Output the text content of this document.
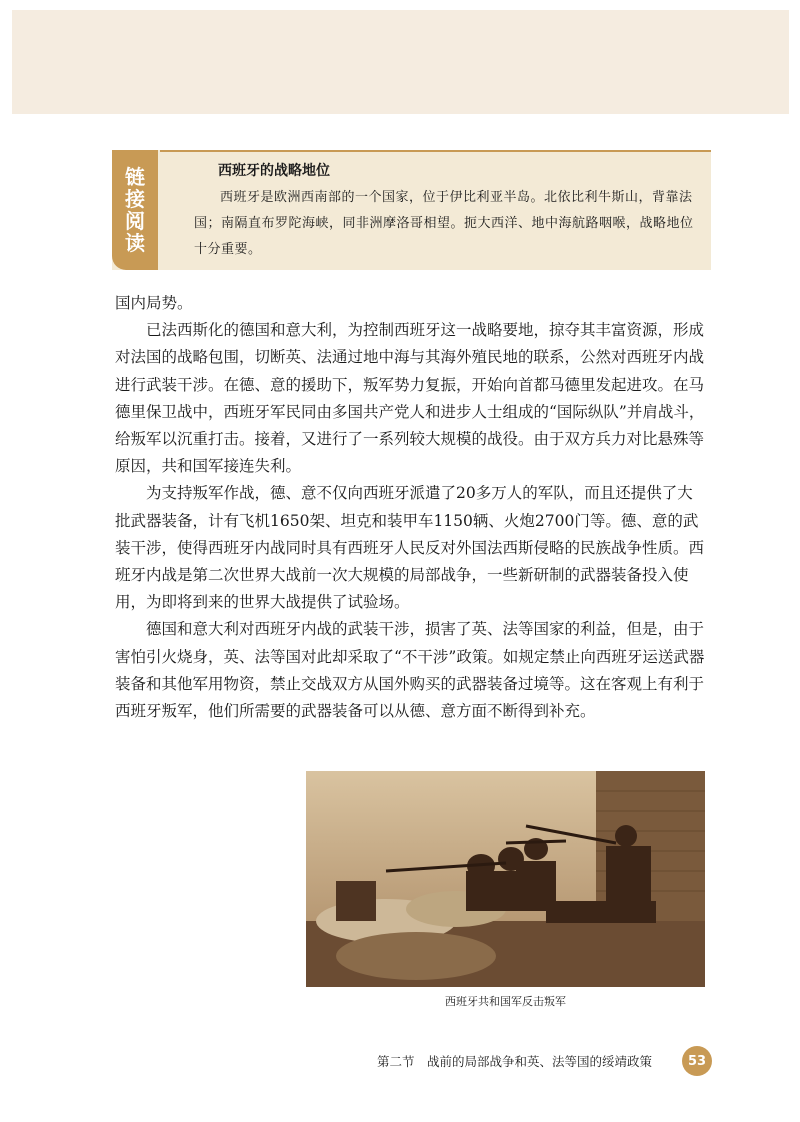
链
接
阅
读
西班牙的战略地位
西班牙是欧洲西南部的一个国家，位于伊比利亚半岛。北依比利牛斯山，背靠法国；南隔直布罗陀海峡，同非洲摩洛哥相望。扼大西洋、地中海航路咽喉，战略地位十分重要。

国内局势。

已法西斯化的德国和意大利，为控制西班牙这一战略要地，掠夺其丰富资源，形成对法国的战略包围，切断英、法通过地中海与其海外殖民地的联系，公然对西班牙内战进行武装干涉。在德、意的援助下，叛军势力复振，开始向首都马德里发起进攻。在马德里保卫战中，西班牙军民同由多国共产党人和进步人士组成的“国际纵队”并肩战斗，给叛军以沉重打击。接着，又进行了一系列较大规模的战役。由于双方兵力对比悬殊等原因，共和国军接连失利。

为支持叛军作战，德、意不仅向西班牙派遣了20多万人的军队，而且还提供了大批武器装备，计有飞机1650架、坦克和装甲车1150辆、火炮2700门等。德、意的武装干涉，使得西班牙内战同时具有西班牙人民反对外国法西斯侵略的民族战争性质。西班牙内战是第二次世界大战前一次大规模的局部战争，一些新研制的武器装备投入使用，为即将到来的世界大战提供了试验场。

德国和意大利对西班牙内战的武装干涉，损害了英、法等国家的利益，但是，由于害怕引火烧身，英、法等国对此却采取了“不干涉”政策。如规定禁止向西班牙运送武器装备和其他军用物资，禁止交战双方从国外购买的武器装备过境等。这在客观上有利于西班牙叛军，他们所需要的武器装备可以从德、意方面不断得到补充。

西班牙共和国军反击叛军
第二节　战前的局部战争和英、法等国的绥靖政策	53
